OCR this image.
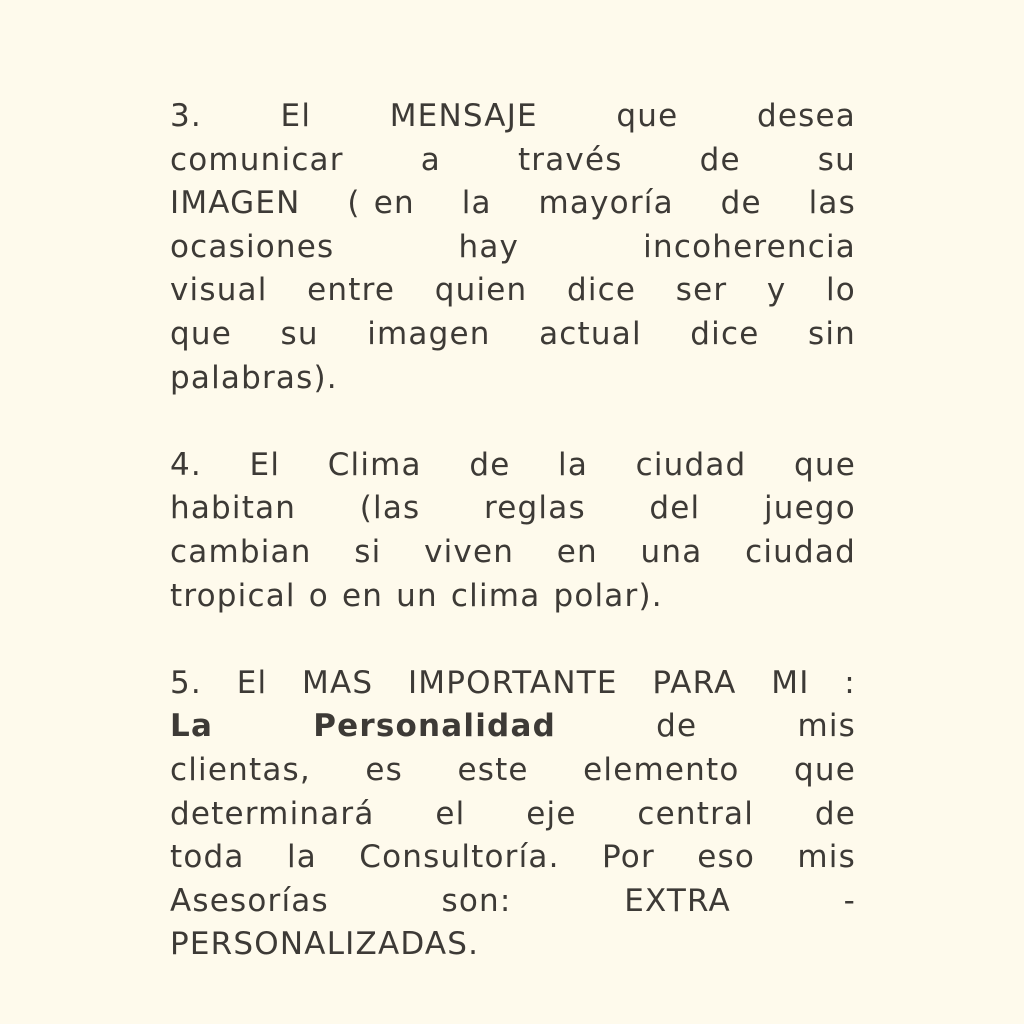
3.	El	MENSAJE	que	desea
comunicar a través de su
IMAGEN ( en la mayoría de las
ocasiones	hay	incoherencia
visual entre quien dice ser y lo
que su imagen actual dice sin
palabras).
4. El Clima de la ciudad que
habitan (las reglas del juego
cambian si viven en una ciudad
tropical o en un clima polar).
5. El MAS IMPORTANTE PARA MI :
La	Personalidad	de	mis
clientas, es este elemento que
determinará el eje central de
toda la Consultoría. Por eso mis
Asesorías	son:	EXTRA	-
PERSONALIZADAS.
